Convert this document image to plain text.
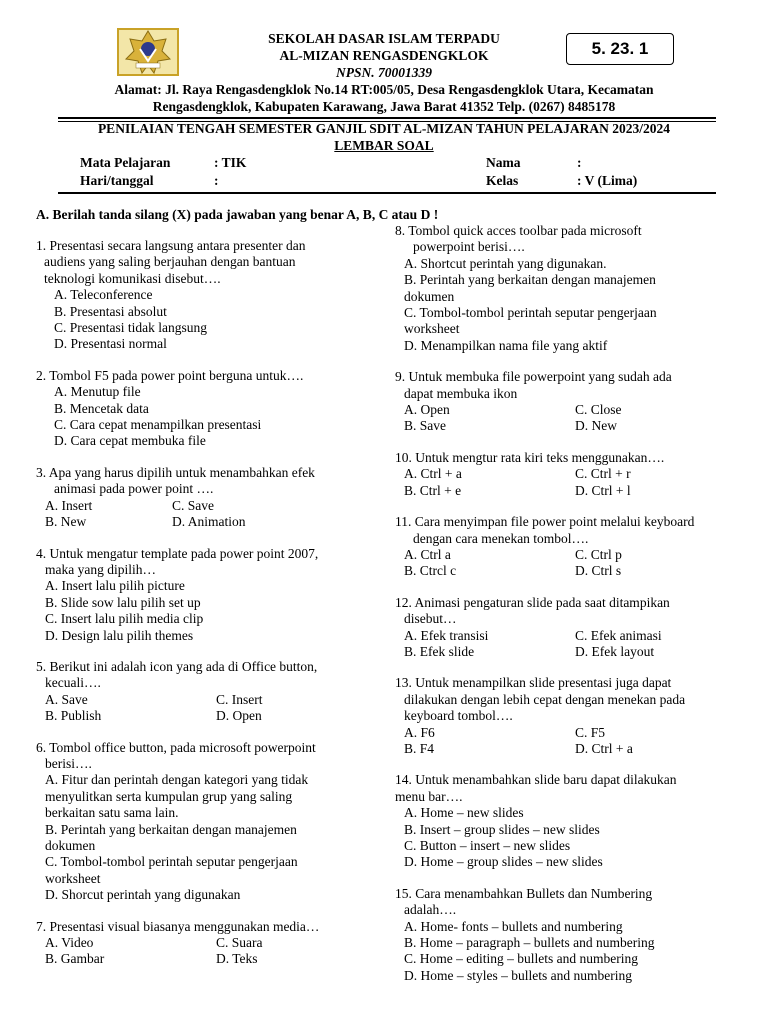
SEKOLAH DASAR ISLAM TERPADU
AL-MIZAN RENGASDENGKLOK
NPSN. 70001339
5. 23. 1
Alamat: Jl. Raya Rengasdengklok No.14 RT:005/05, Desa Rengasdengklok Utara, Kecamatan
Rengasdengklok, Kabupaten Karawang, Jawa Barat 41352 Telp. (0267) 8485178
PENILAIAN TENGAH SEMESTER GANJIL SDIT AL-MIZAN TAHUN PELAJARAN 2023/2024
LEMBAR SOAL
Mata Pelajaran	: TIK
Hari/tanggal	:
Nama	:
Kelas	: V (Lima)
A. Berilah tanda silang (X) pada jawaban yang benar A, B, C atau D !
1. Presentasi secara langsung antara presenter dan
audiens yang saling berjauhan dengan bantuan
teknologi komunikasi disebut….
A. Teleconference
B. Presentasi absolut
C. Presentasi tidak langsung
D. Presentasi normal
2. Tombol F5 pada power point berguna untuk….
A. Menutup file
B. Mencetak data
C. Cara cepat menampilkan presentasi
D. Cara cepat membuka file
3. Apa yang harus dipilih untuk menambahkan efek
animasi pada power point ….
A. Insert	C. Save
B. New	D. Animation
4. Untuk mengatur template pada power point 2007,
maka yang dipilih…
A. Insert lalu pilih picture
B. Slide sow lalu pilih set up
C. Insert lalu pilih media clip
D. Design lalu pilih themes
5. Berikut ini adalah icon yang ada di Office button,
kecuali….
A. Save	C. Insert
B. Publish	D. Open
6. Tombol office button, pada microsoft powerpoint
berisi….
A. Fitur dan perintah dengan kategori yang tidak
menyulitkan serta kumpulan grup yang saling
berkaitan satu sama lain.
B. Perintah yang berkaitan dengan manajemen
dokumen
C. Tombol-tombol perintah seputar pengerjaan
worksheet
D. Shorcut perintah yang digunakan
7. Presentasi visual biasanya menggunakan media…
A. Video	C. Suara
B. Gambar	D. Teks
8. Tombol quick acces toolbar pada microsoft
powerpoint berisi….
A. Shortcut perintah yang digunakan.
B. Perintah yang berkaitan dengan manajemen
dokumen
C. Tombol-tombol perintah seputar pengerjaan
worksheet
D. Menampilkan nama file yang aktif
9. Untuk membuka file powerpoint yang sudah ada
dapat membuka ikon
A. Open	C. Close
B. Save	D. New
10. Untuk mengtur rata kiri teks menggunakan….
A. Ctrl + a	C. Ctrl + r
B. Ctrl + e	D. Ctrl + l
11. Cara menyimpan file power point melalui keyboard
dengan cara menekan tombol….
A. Ctrl a	C. Ctrl p
B. Ctrcl c	D. Ctrl s
12. Animasi pengaturan slide pada saat ditampikan
disebut…
A. Efek transisi	C. Efek animasi
B. Efek slide	D. Efek layout
13. Untuk menampilkan slide presentasi juga dapat
dilakukan dengan lebih cepat dengan menekan pada
keyboard tombol….
A. F6	C. F5
B. F4	D. Ctrl + a
14. Untuk menambahkan slide baru dapat dilakukan
menu bar….
A. Home – new slides
B. Insert – group slides – new slides
C. Button – insert – new slides
D. Home – group slides – new slides
15. Cara menambahkan Bullets dan Numbering
adalah….
A. Home- fonts – bullets and numbering
B. Home – paragraph – bullets and numbering
C. Home – editing – bullets and numbering
D. Home – styles – bullets and numbering
